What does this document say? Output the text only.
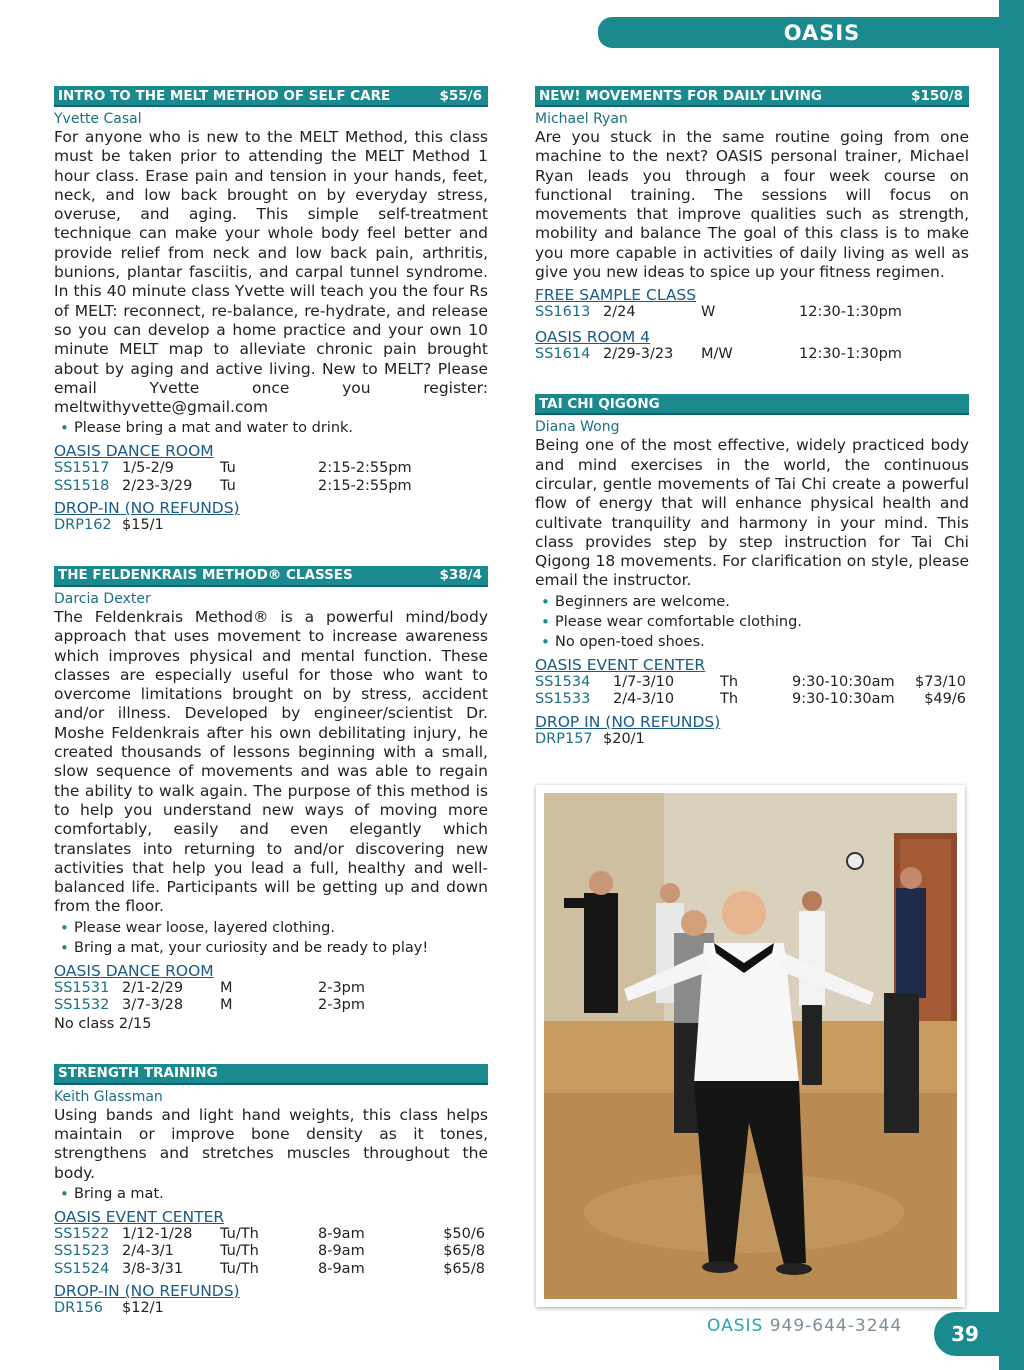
OASIS
INTRO TO THE MELT METHOD OF SELF CARE	$55/6
Yvette Casal

For anyone who is new to the MELT Method, this class must be taken prior to attending the MELT Method 1 hour class. Erase pain and tension in your hands, feet, neck, and low back brought on by everyday stress, overuse, and aging. This simple self-treatment technique can make your whole body feel better and provide relief from neck and low back pain, arthritis, bunions, plantar fasciitis, and carpal tunnel syndrome. In this 40 minute class Yvette will teach you the four Rs of MELT: reconnect, re-balance, re-hydrate, and release so you can develop a home practice and your own 10 minute MELT map to alleviate chronic pain brought about by aging and active living. New to MELT? Please email Yvette once you register: meltwithyvette@gmail.com

• Please bring a mat and water to drink.
OASIS DANCE ROOM
SS1517 1/5-2/9	Tu	2:15-2:55pm
SS1518 2/23-3/29	Tu	2:15-2:55pm
DROP-IN (NO REFUNDS)
DRP162 $15/1
THE FELDENKRAIS METHOD® CLASSES	$38/4
Darcia Dexter

The Feldenkrais Method® is a powerful mind/body approach that uses movement to increase awareness which improves physical and mental function. These classes are especially useful for those who want to overcome limitations brought on by stress, accident and/or illness. Developed by engineer/scientist Dr. Moshe Feldenkrais after his own debilitating injury, he created thousands of lessons beginning with a small, slow sequence of movements and was able to regain the ability to walk again. The purpose of this method is to help you understand new ways of moving more comfortably, easily and even elegantly which translates into returning to and/or discovering new activities that help you lead a full, healthy and well-balanced life. Participants will be getting up and down from the floor.

• Please wear loose, layered clothing.
• Bring a mat, your curiosity and be ready to play!
OASIS DANCE ROOM
SS1531 2/1-2/29	M	2-3pm
SS1532 3/7-3/28	M	2-3pm
No class 2/15
STRENGTH TRAINING
Keith Glassman

Using bands and light hand weights, this class helps maintain or improve bone density as it tones, strengthens and stretches muscles throughout the body.

• Bring a mat.
OASIS EVENT CENTER
SS1522 1/12-1/28	Tu/Th	8-9am	$50/6
SS1523 2/4-3/1	Tu/Th	8-9am	$65/8
SS1524 3/8-3/31	Tu/Th	8-9am	$65/8
DROP-IN (NO REFUNDS)
DR156	$12/1
NEW! MOVEMENTS FOR DAILY LIVING	$150/8
Michael Ryan

Are you stuck in the same routine going from one machine to the next? OASIS personal trainer, Michael Ryan leads you through a four week course on functional training. The sessions will focus on movements that improve qualities such as strength, mobility and balance The goal of this class is to make you more capable in activities of daily living as well as give you new ideas to spice up your fitness regimen.

FREE SAMPLE CLASS
SS1613 2/24	W	12:30-1:30pm
OASIS ROOM 4
SS1614 2/29-3/23	M/W	12:30-1:30pm
TAI CHI QIGONG
Diana Wong

Being one of the most effective, widely practiced body and mind exercises in the world, the continuous circular, gentle movements of Tai Chi create a powerful flow of energy that will enhance physical health and cultivate tranquility and harmony in your mind. This class provides step by step instruction for Tai Chi Qigong 18 movements. For clarification on style, please email the instructor.

• Beginners are welcome.
• Please wear comfortable clothing.
• No open-toed shoes.
OASIS EVENT CENTER
SS1534	1/7-3/10	Th	9:30-10:30am	$73/10
SS1533	2/4-3/10	Th	9:30-10:30am	$49/6
DROP IN (NO REFUNDS)
DRP157 $20/1
OASIS 949-644-3244 39
